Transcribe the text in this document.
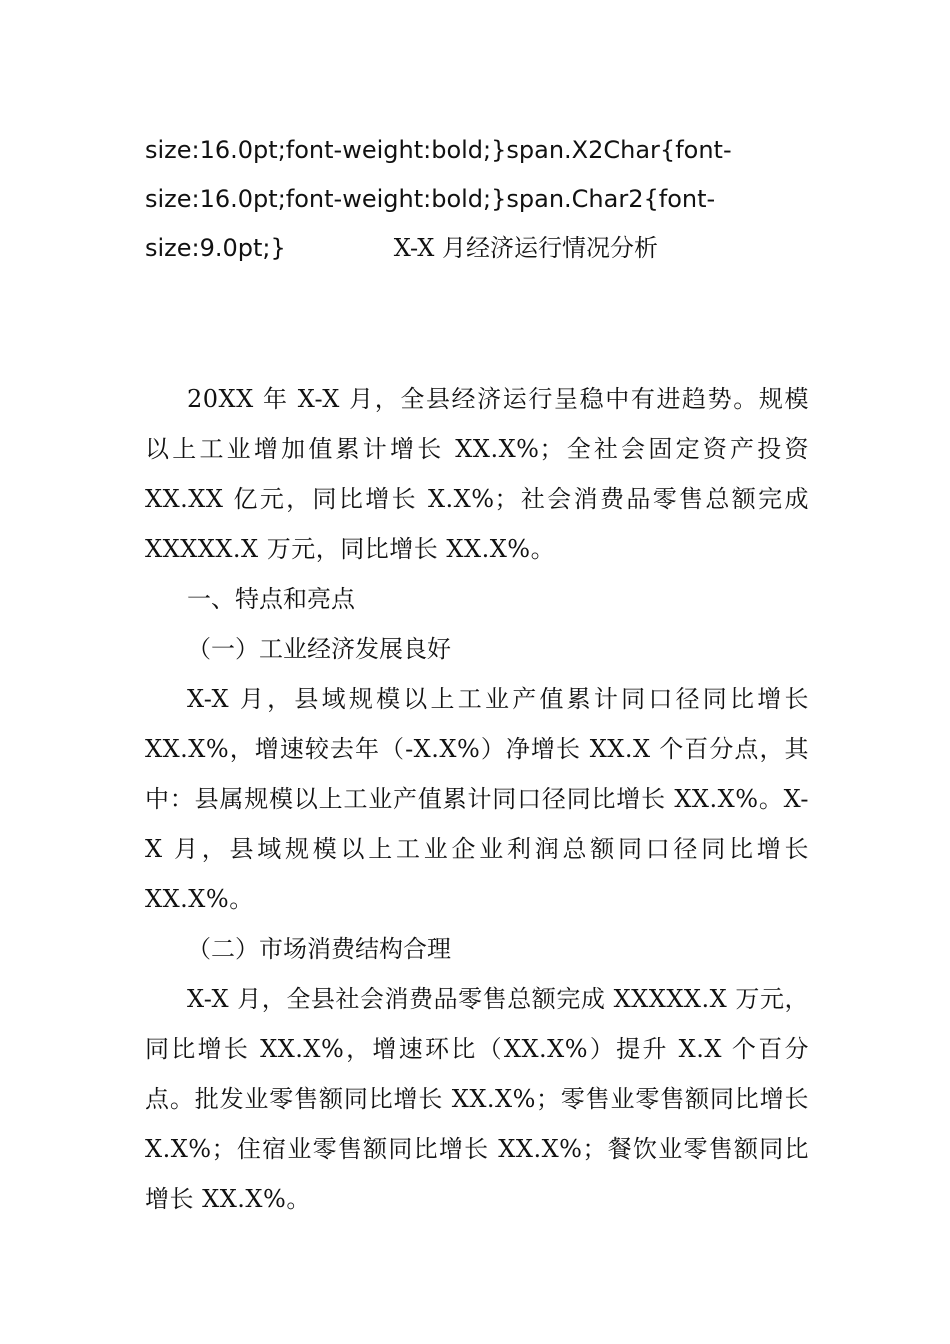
size:16.0pt;font-weight:bold;}span.X2Char{font-
size:16.0pt;font-weight:bold;}span.Char2{font-
size:9.0pt;}	X-X 月经济运行情况分析

20XX 年 X-X 月，全县经济运行呈稳中有进趋势。规模以上工业增加值累计增长 XX.X%；全社会固定资产投资 XX.XX 亿元，同比增长 X.X%；社会消费品零售总额完成 XXXXX.X 万元，同比增长 XX.X%。

一、特点和亮点

（一）工业经济发展良好

X-X 月，县域规模以上工业产值累计同口径同比增长 XX.X%，增速较去年（-X.X%）净增长 XX.X 个百分点，其中：县属规模以上工业产值累计同口径同比增长 XX.X%。X-X 月，县域规模以上工业企业利润总额同口径同比增长 XX.X%。

（二）市场消费结构合理

X-X 月，全县社会消费品零售总额完成 XXXXX.X 万元，同比增长 XX.X%，增速环比（XX.X%）提升 X.X 个百分点。批发业零售额同比增长 XX.X%；零售业零售额同比增长 X.X%；住宿业零售额同比增长 XX.X%；餐饮业零售额同比增长 XX.X%。
